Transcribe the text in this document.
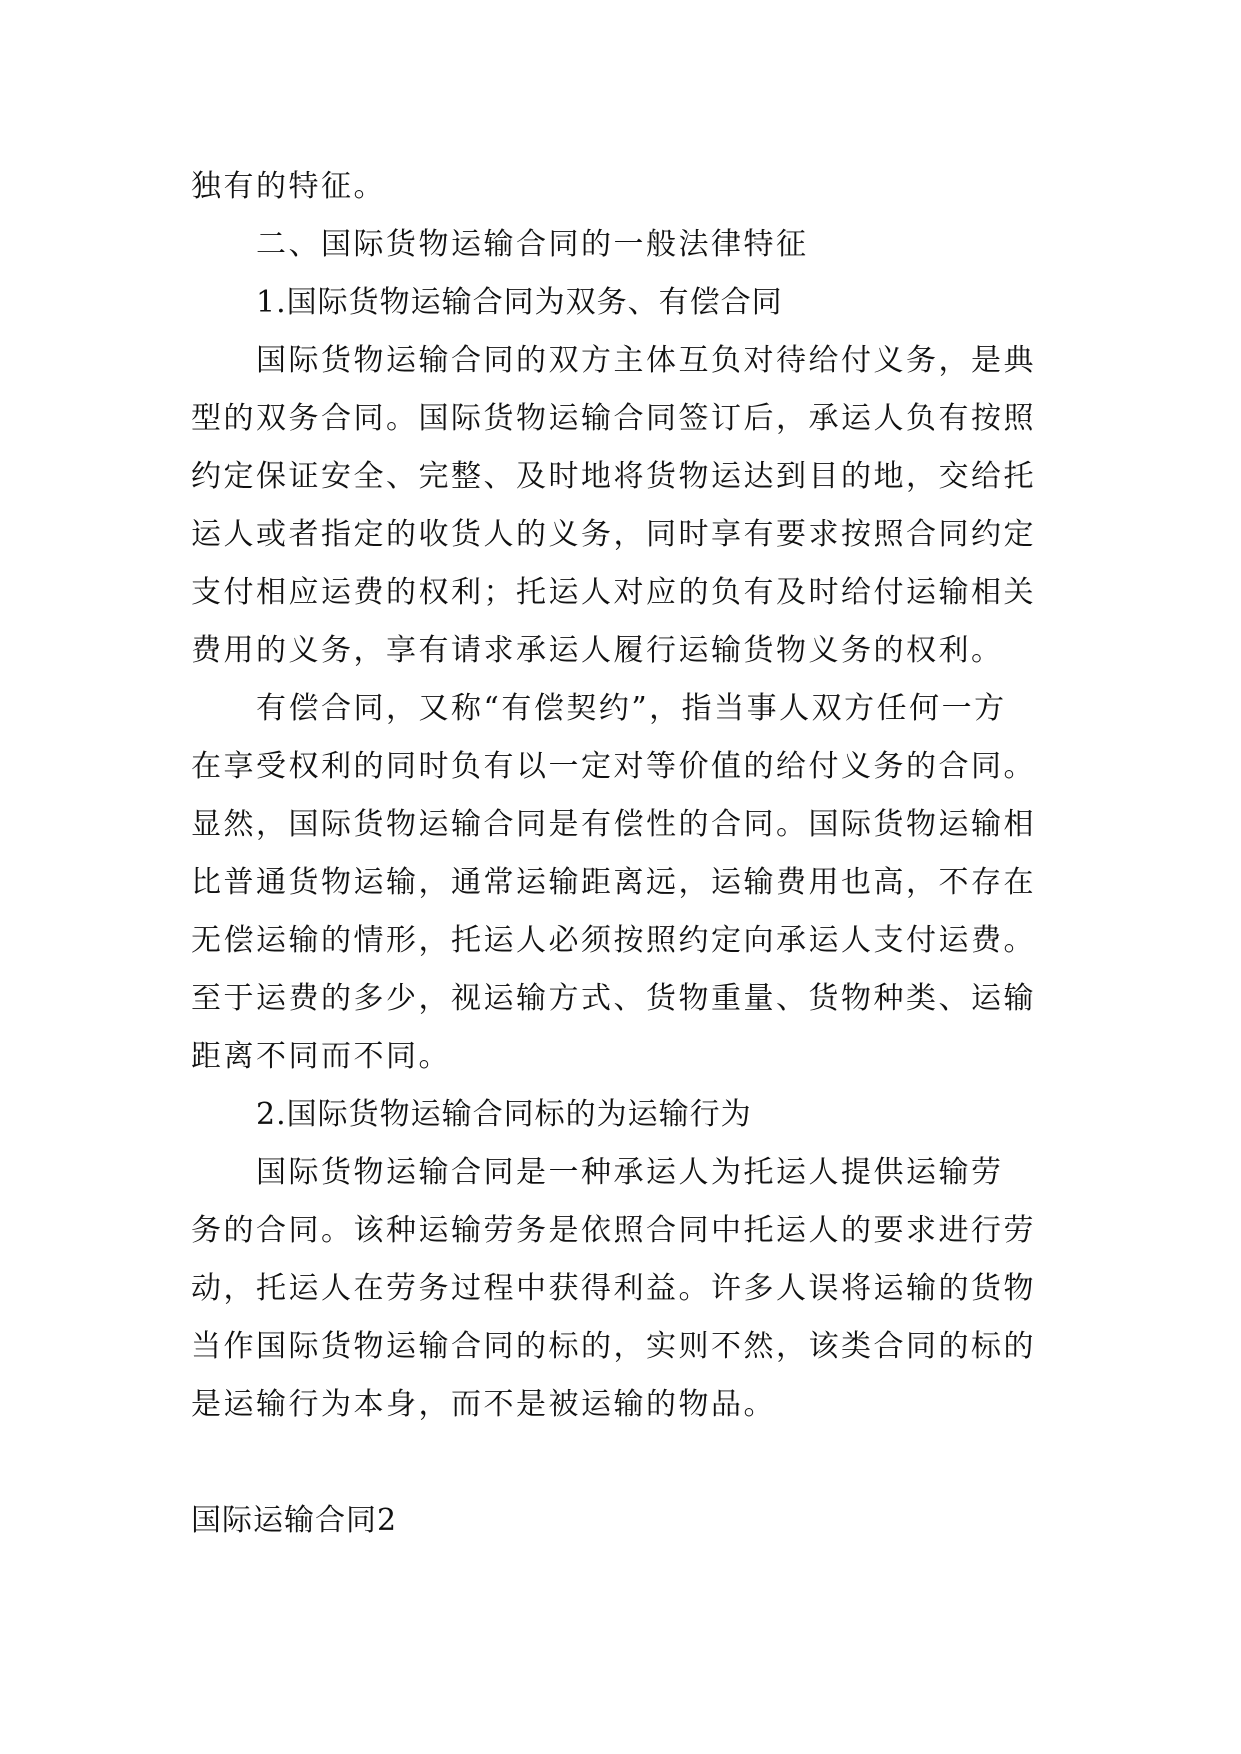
独有的特征。
二、国际货物运输合同的一般法律特征
1.国际货物运输合同为双务、有偿合同
国际货物运输合同的双方主体互负对待给付义务，是典
型的双务合同。国际货物运输合同签订后，承运人负有按照
约定保证安全、完整、及时地将货物运达到目的地，交给托
运人或者指定的收货人的义务，同时享有要求按照合同约定
支付相应运费的权利；托运人对应的负有及时给付运输相关
费用的义务，享有请求承运人履行运输货物义务的权利。
有偿合同，又称“有偿契约”，指当事人双方任何一方
在享受权利的同时负有以一定对等价值的给付义务的合同。
显然，国际货物运输合同是有偿性的合同。国际货物运输相
比普通货物运输，通常运输距离远，运输费用也高，不存在
无偿运输的情形，托运人必须按照约定向承运人支付运费。
至于运费的多少，视运输方式、货物重量、货物种类、运输
距离不同而不同。
2.国际货物运输合同标的为运输行为
国际货物运输合同是一种承运人为托运人提供运输劳
务的合同。该种运输劳务是依照合同中托运人的要求进行劳
动，托运人在劳务过程中获得利益。许多人误将运输的货物
当作国际货物运输合同的标的，实则不然，该类合同的标的
是运输行为本身，而不是被运输的物品。
国际运输合同2
